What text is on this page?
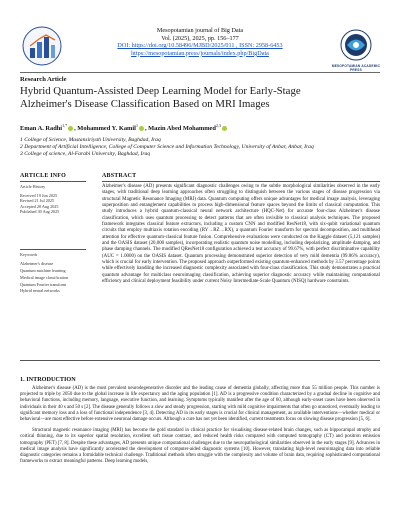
Mesopotamian journal of Big Data
Vol. (2025), 2025, pp. 156–177
DOI: https://doi.org/10.58496/MJBD/2025/011 , ISSN: 2958-6453
https://mesopotamian.press/journals/index.php/BigData
MESOPOTAMIAN ACADEMIC PRESS
Research Article
Hybrid Quantum-Assisted Deep Learning Model for Early-Stage Alzheimer's Disease Classification Based on MRI Images
Eman A. Radhi$^{1,*}$ , Mohammed Y. Kamil$^1$ , Mazin Abed Mohammed$^{2,3}$
1 College of Science, Mustansiriyah University, Baghdad, Iraq
2 Department of Artificial Intelligence, College of Computer Science and Information Technology, University of Anbar, Anbar, Iraq
3 College of science, Al-Farabi University, Baghdad, Iraq
ARTICLE INFO
Article History
Received 19 Jun 2025
Revised 21 Jul 2025
Accepted 20 Aug 2025
Published 30 Aug 2025
Keywords
Alzheimer's disease
Quantum machine learning
Medical image classification
Quantum Fourier transform
Hybrid neural networks
ABSTRACT
Alzheimer's disease (AD) presents significant diagnostic challenges owing to the subtle morphological similarities observed in the early stages, with traditional deep learning approaches often struggling to distinguish between the various stages of disease progression via structural Magnetic Resonance Imaging (MRI) data. Quantum computing offers unique advantages for medical image analysis, leveraging superposition and entanglement capabilities to process high-dimensional feature spaces beyond the limits of classical computation. This study introduces a hybrid quantum-classical neural network architecture (HQC-Net) for accurate four-class Alzheimer's disease classification, which uses quantum processing to detect patterns that are often invisible to classical analysis techniques. The proposed framework integrates classical feature extractors, including a custom CNN and modified ResNet18, with six-qubit variational quantum circuits that employ multiaxis rotation encoding (RY→RZ→RX), a quantum Fourier transform for spectral decomposition, and multihead attention for effective quantum-classical feature fusion. Comprehensive evaluations were conducted on the Kaggle dataset (5,121 samples) and the OASIS dataset (20,000 samples), incorporating realistic quantum noise modelling, including depolarizing, amplitude damping, and phase damping channels. The modified QResNet18 configuration achieved a test accuracy of 99.67%, with perfect discriminative capability (AUC = 1.0000) on the OASIS dataset. Quantum processing demonstrated superior detection of very mild dementia (99.86% accuracy), which is crucial for early intervention. The proposed approach outperformed existing quantum-enhanced methods by 3.57 percentage points while effectively handling the increased diagnostic complexity associated with four-class classification. This study demonstrates a practical quantum advantage for multiclass neuroimaging classification, achieving superior diagnostic accuracy while maintaining computational efficiency and clinical deployment feasibility under current Noisy Intermediate-Scale Quantum (NISQ) hardware constraints.
1. INTRODUCTION

Alzheimer's disease (AD) is the most prevalent neurodegenerative disorder and the leading cause of dementia globally, affecting more than 55 million people. This number is projected to triple by 2050 due to the global increase in life expectancy and the aging population [1]. AD is a progressive condition characterized by a gradual decline in cognitive and behavioral functions, including memory, language, executive function, and learning. Symptoms typically manifest after the age of 60, although early-onset cases have been observed in individuals in their 40 s and 50 s [2]. The disease generally follows a slow and steady progression, starting with mild cognitive impairments that often go unnoticed, eventually leading to significant memory loss and a loss of functional independence [3, 4]. Detecting AD in its early stages is crucial for clinical management, as available interventions—whether medical or behavioral—are most effective before extensive neuronal damage occurs. Although a cure has not yet been identified, current treatments focus on slowing disease progression [5, 6].

Structural magnetic resonance imaging (MRI) has become the gold standard in clinical practice for visualising disease-related brain changes, such as hippocampal atrophy and cortical thinning, due to its superior spatial resolution, excellent soft tissue contrast, and reduced health risks compared with computed tomography (CT) and positron emission tomography (PET) [7, 8]. Despite these advantages, AD presents unique computational challenges due to the neuropathological similarities observed in the early stages [9]. Advances in medical image analysis have significantly accelerated the development of computer-aided diagnostic systems [10]. However, translating high-level neuroimaging data into reliable diagnostic categories remains a formidable technical challenge. Traditional methods often struggle with the complexity and volume of brain data, requiring sophisticated computational frameworks to extract meaningful patterns. Deep learning models,
